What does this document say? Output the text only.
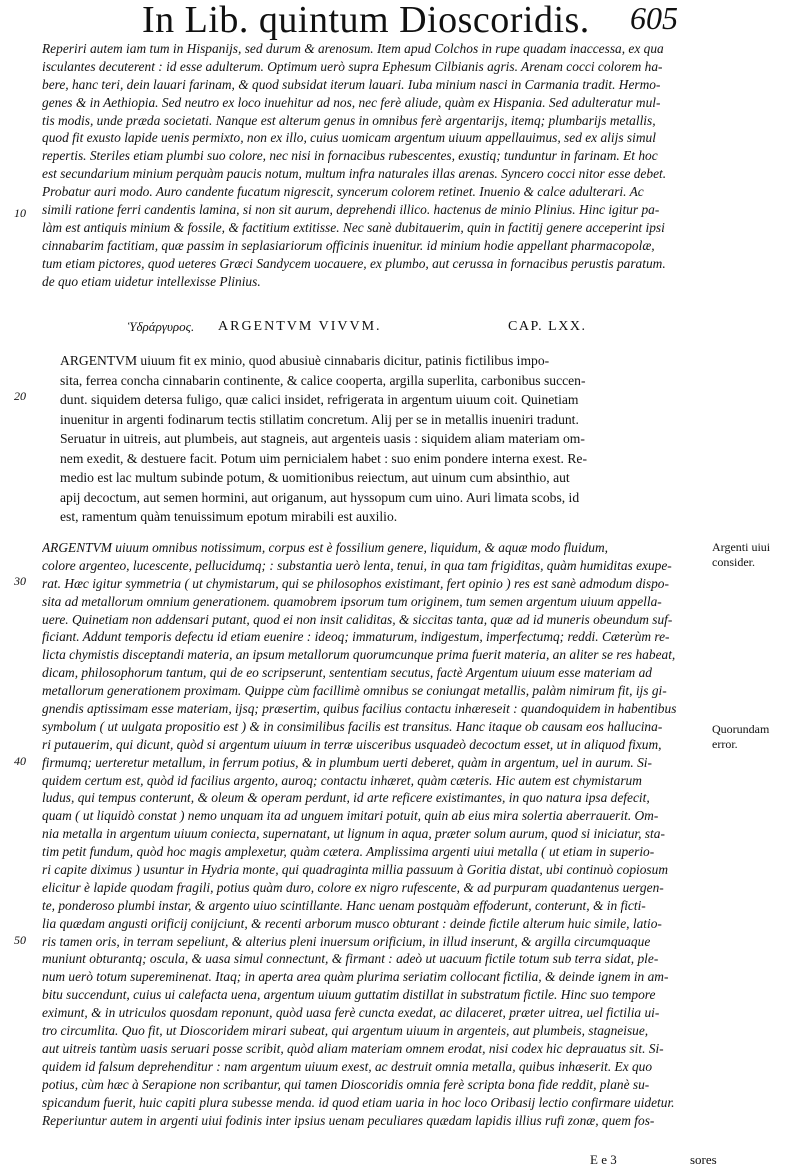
In Lib. quintum Dioscoridis. 605
Reperiri autem iam tum in Hispanijs, sed durum & arenosum. Item apud Colchos in rupe quadam inaccessa, ex qua
isculantes decuterent : id esse adulterum. Optimum uerò supra Ephesum Cilbianis agris. Arenam cocci colorem ha-
bere, hanc teri, dein lauari farinam, & quod subsidat iterum lauari. Iuba minium nasci in Carmania tradit. Hermo-
genes & in Aethiopia. Sed neutro ex loco inuehitur ad nos, nec ferè aliude, quàm ex Hispania. Sed adulteratur mul-
tis modis, unde præda societati. Nanque est alterum genus in omnibus ferè argentarijs, itemq; plumbarijs metallis,
quod fit exusto lapide uenis permixto, non ex illo, cuius uomicam argentum uiuum appellauimus, sed ex alijs simul
repertis. Steriles etiam plumbi suo colore, nec nisi in fornacibus rubescentes, exustiq; tunduntur in farinam. Et hoc
est secundarium minium perquàm paucis notum, multum infra naturales illas arenas. Syncero cocci nitor esse debet.
Probatur auri modo. Auro candente fucatum nigrescit, syncerum colorem retinet. Inuenio & calce adulterari. Ac
simili ratione ferri candentis lamina, si non sit aurum, deprehendi illico. hactenus de minio Plinius. Hinc igitur pa-
làm est antiquis minium & fossile, & factitium extitisse. Nec sanè dubitauerim, quin in factitij genere acceperint ipsi
cinnabarim factitiam, quæ passim in seplasiariorum officinis inuenitur. id minium hodie appellant pharmacopolæ,
tum etiam pictores, quod ueteres Græci Sandycem uocauere, ex plumbo, aut cerussa in fornacibus perustis paratum.
de quo etiam uidetur intellexisse Plinius.
10
Ὑδράργυρος. ARGENTVM VIVVM.	CAP. LXX.
ARGENTVM uiuum fit ex minio, quod abusiuè cinnabaris dicitur, patinis fictilibus impo-
sita, ferrea concha cinnabarin continente, & calice cooperta, argilla superlita, carbonibus succen-
dunt. siquidem detersa fuligo, quæ calici insidet, refrigerata in argentum uiuum coit. Quinetiam
inuenitur in argenti fodinarum tectis stillatim concretum. Alij per se in metallis inueniri tradunt.
Seruatur in uitreis, aut plumbeis, aut stagneis, aut argenteis uasis : siquidem aliam materiam om-
nem exedit, & destuere facit. Potum uim pernicialem habet : suo enim pondere interna exest. Re-
medio est lac multum subinde potum, & uomitionibus reiectum, aut uinum cum absinthio, aut
apij decoctum, aut semen hormini, aut origanum, aut hyssopum cum uino. Auri limata scobs, id
est, ramentum quàm tenuissimum epotum mirabili est auxilio.
20
ARGENTVM uiuum omnibus notissimum, corpus est è fossilium genere, liquidum, & aquæ modo fluidum,
colore argenteo, lucescente, pellucidumq; : substantia uerò lenta, tenui, in qua tam frigiditas, quàm humiditas exupe-
rat. Hæc igitur symmetria ( ut chymistarum, qui se philosophos existimant, fert opinio ) res est sanè admodum dispo-
sita ad metallorum omnium generationem. quamobrem ipsorum tum originem, tum semen argentum uiuum appella-
uere. Quinetiam non addensari putant, quod ei non insit caliditas, & siccitas tanta, quæ ad id muneris obeundum suf-
ficiant. Addunt temporis defectu id etiam euenire : ideoq; immaturum, indigestum, imperfectumq; reddi. Cæterùm re-
licta chymistis disceptandi materia, an ipsum metallorum quorumcunque prima fuerit materia, an aliter se res habeat,
dicam, philosophorum tantum, qui de eo scripserunt, sententiam secutus, factè Argentum uiuum esse materiam ad
metallorum generationem proximam. Quippe cùm facillimè omnibus se coniungat metallis, palàm nimirum fit, ijs gi-
gnendis aptissimam esse materiam, ijsq; præsertim, quibus facilius contactu inhæreseit : quandoquidem in habentibus
symbolum ( ut uulgata propositio est ) & in consimilibus facilis est transitus. Hanc itaque ob causam eos hallucina-
ri putauerim, qui dicunt, quòd si argentum uiuum in terræ uisceribus usquadeò decoctum esset, ut in aliquod fixum,
firmumq; uerteretur metallum, in ferrum potius, & in plumbum uerti deberet, quàm in argentum, uel in aurum. Si-
quidem certum est, quòd id facilius argento, auroq; contactu inhæret, quàm cæteris. Hic autem est chymistarum
ludus, qui tempus conterunt, & oleum & operam perdunt, id arte reficere existimantes, in quo natura ipsa defecit,
quam ( ut liquidò constat ) nemo unquam ita ad unguem imitari potuit, quin ab eius mira solertia aberrauerit. Om-
nia metalla in argentum uiuum coniecta, supernatant, ut lignum in aqua, præter solum aurum, quod si iniciatur, sta-
tim petit fundum, quòd hoc magis amplexetur, quàm cætera. Amplissima argenti uiui metalla ( ut etiam in superio-
ri capite diximus ) usuntur in Hydria monte, qui quadraginta millia passuum à Goritia distat, ubi continuò copiosum
elicitur è lapide quodam fragili, potius quàm duro, colore ex nigro rufescente, & ad purpuram quadantenus uergen-
te, ponderoso plumbi instar, & argento uiuo scintillante. Hanc uenam postquàm effoderunt, conterunt, & in ficti-
lia quædam angusti orificij conijciunt, & recenti arborum musco obturant : deinde fictile alterum huic simile, latio-
ris tamen oris, in terram sepeliunt, & alterius pleni inuersum orificium, in illud inserunt, & argilla circumquaque
muniunt obturantq; oscula, & uasa simul connectunt, & firmant : adeò ut uacuum fictile totum sub terra sidat, ple-
num uerò totum supereminenat. Itaq; in aperta area quàm plurima seriatim collocant fictilia, & deinde ignem in am-
bitu succendunt, cuius ui calefacta uena, argentum uiuum guttatim distillat in substratum fictile. Hinc suo tempore
eximunt, & in utriculos quosdam reponunt, quòd uasa ferè cuncta exedat, ac dilaceret, præter uitrea, uel fictilia ui-
tro circumlita. Quo fit, ut Dioscoridem mirari subeat, qui argentum uiuum in argenteis, aut plumbeis, stagneisue,
aut uitreis tantùm uasis seruari posse scribit, quòd aliam materiam omnem erodat, nisi codex hic deprauatus sit. Si-
quidem id falsum deprehenditur : nam argentum uiuum exest, ac destruit omnia metalla, quibus inhæserit. Ex quo
potius, cùm hæc à Serapione non scribantur, qui tamen Dioscoridis omnia ferè scripta bona fide reddit, planè su-
spicandum fuerit, huic capiti plura subesse menda. id quod etiam uaria in hoc loco Oribasij lectio confirmare uidetur.
Reperiuntur autem in argenti uiui fodinis inter ipsius uenam peculiares quædam lapidis illius rufi zonæ, quem fos-
30
40
50
Argenti uiui
consider.
Quorundam
error.
E e 3	sores
